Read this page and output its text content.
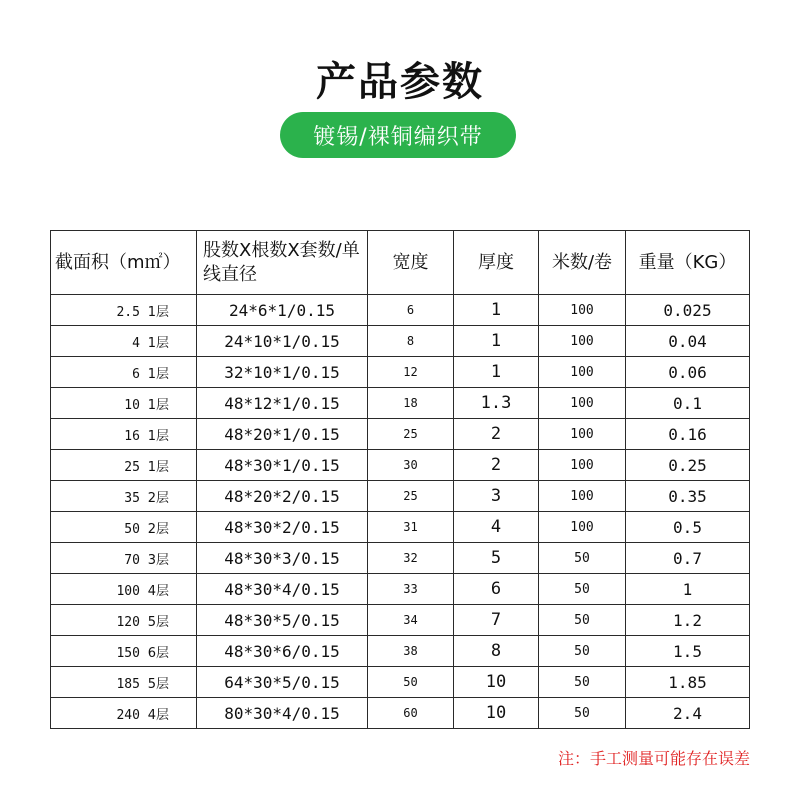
产品参数
镀锡/裸铜编织带
截面积（m㎡）	股数X根数X套数/单线直径	宽度	厚度	米数/卷	重量（KG）
2.5 1层	24*6*1/0.15	6	1	100	0.025
4 1层	24*10*1/0.15	8	1	100	0.04
6 1层	32*10*1/0.15	12	1	100	0.06
10 1层	48*12*1/0.15	18	1.3	100	0.1
16 1层	48*20*1/0.15	25	2	100	0.16
25 1层	48*30*1/0.15	30	2	100	0.25
35 2层	48*20*2/0.15	25	3	100	0.35
50 2层	48*30*2/0.15	31	4	100	0.5
70 3层	48*30*3/0.15	32	5	50	0.7
100 4层	48*30*4/0.15	33	6	50	1
120 5层	48*30*5/0.15	34	7	50	1.2
150 6层	48*30*6/0.15	38	8	50	1.5
185 5层	64*30*5/0.15	50	10	50	1.85
240 4层	80*30*4/0.15	60	10	50	2.4
注：手工测量可能存在误差
